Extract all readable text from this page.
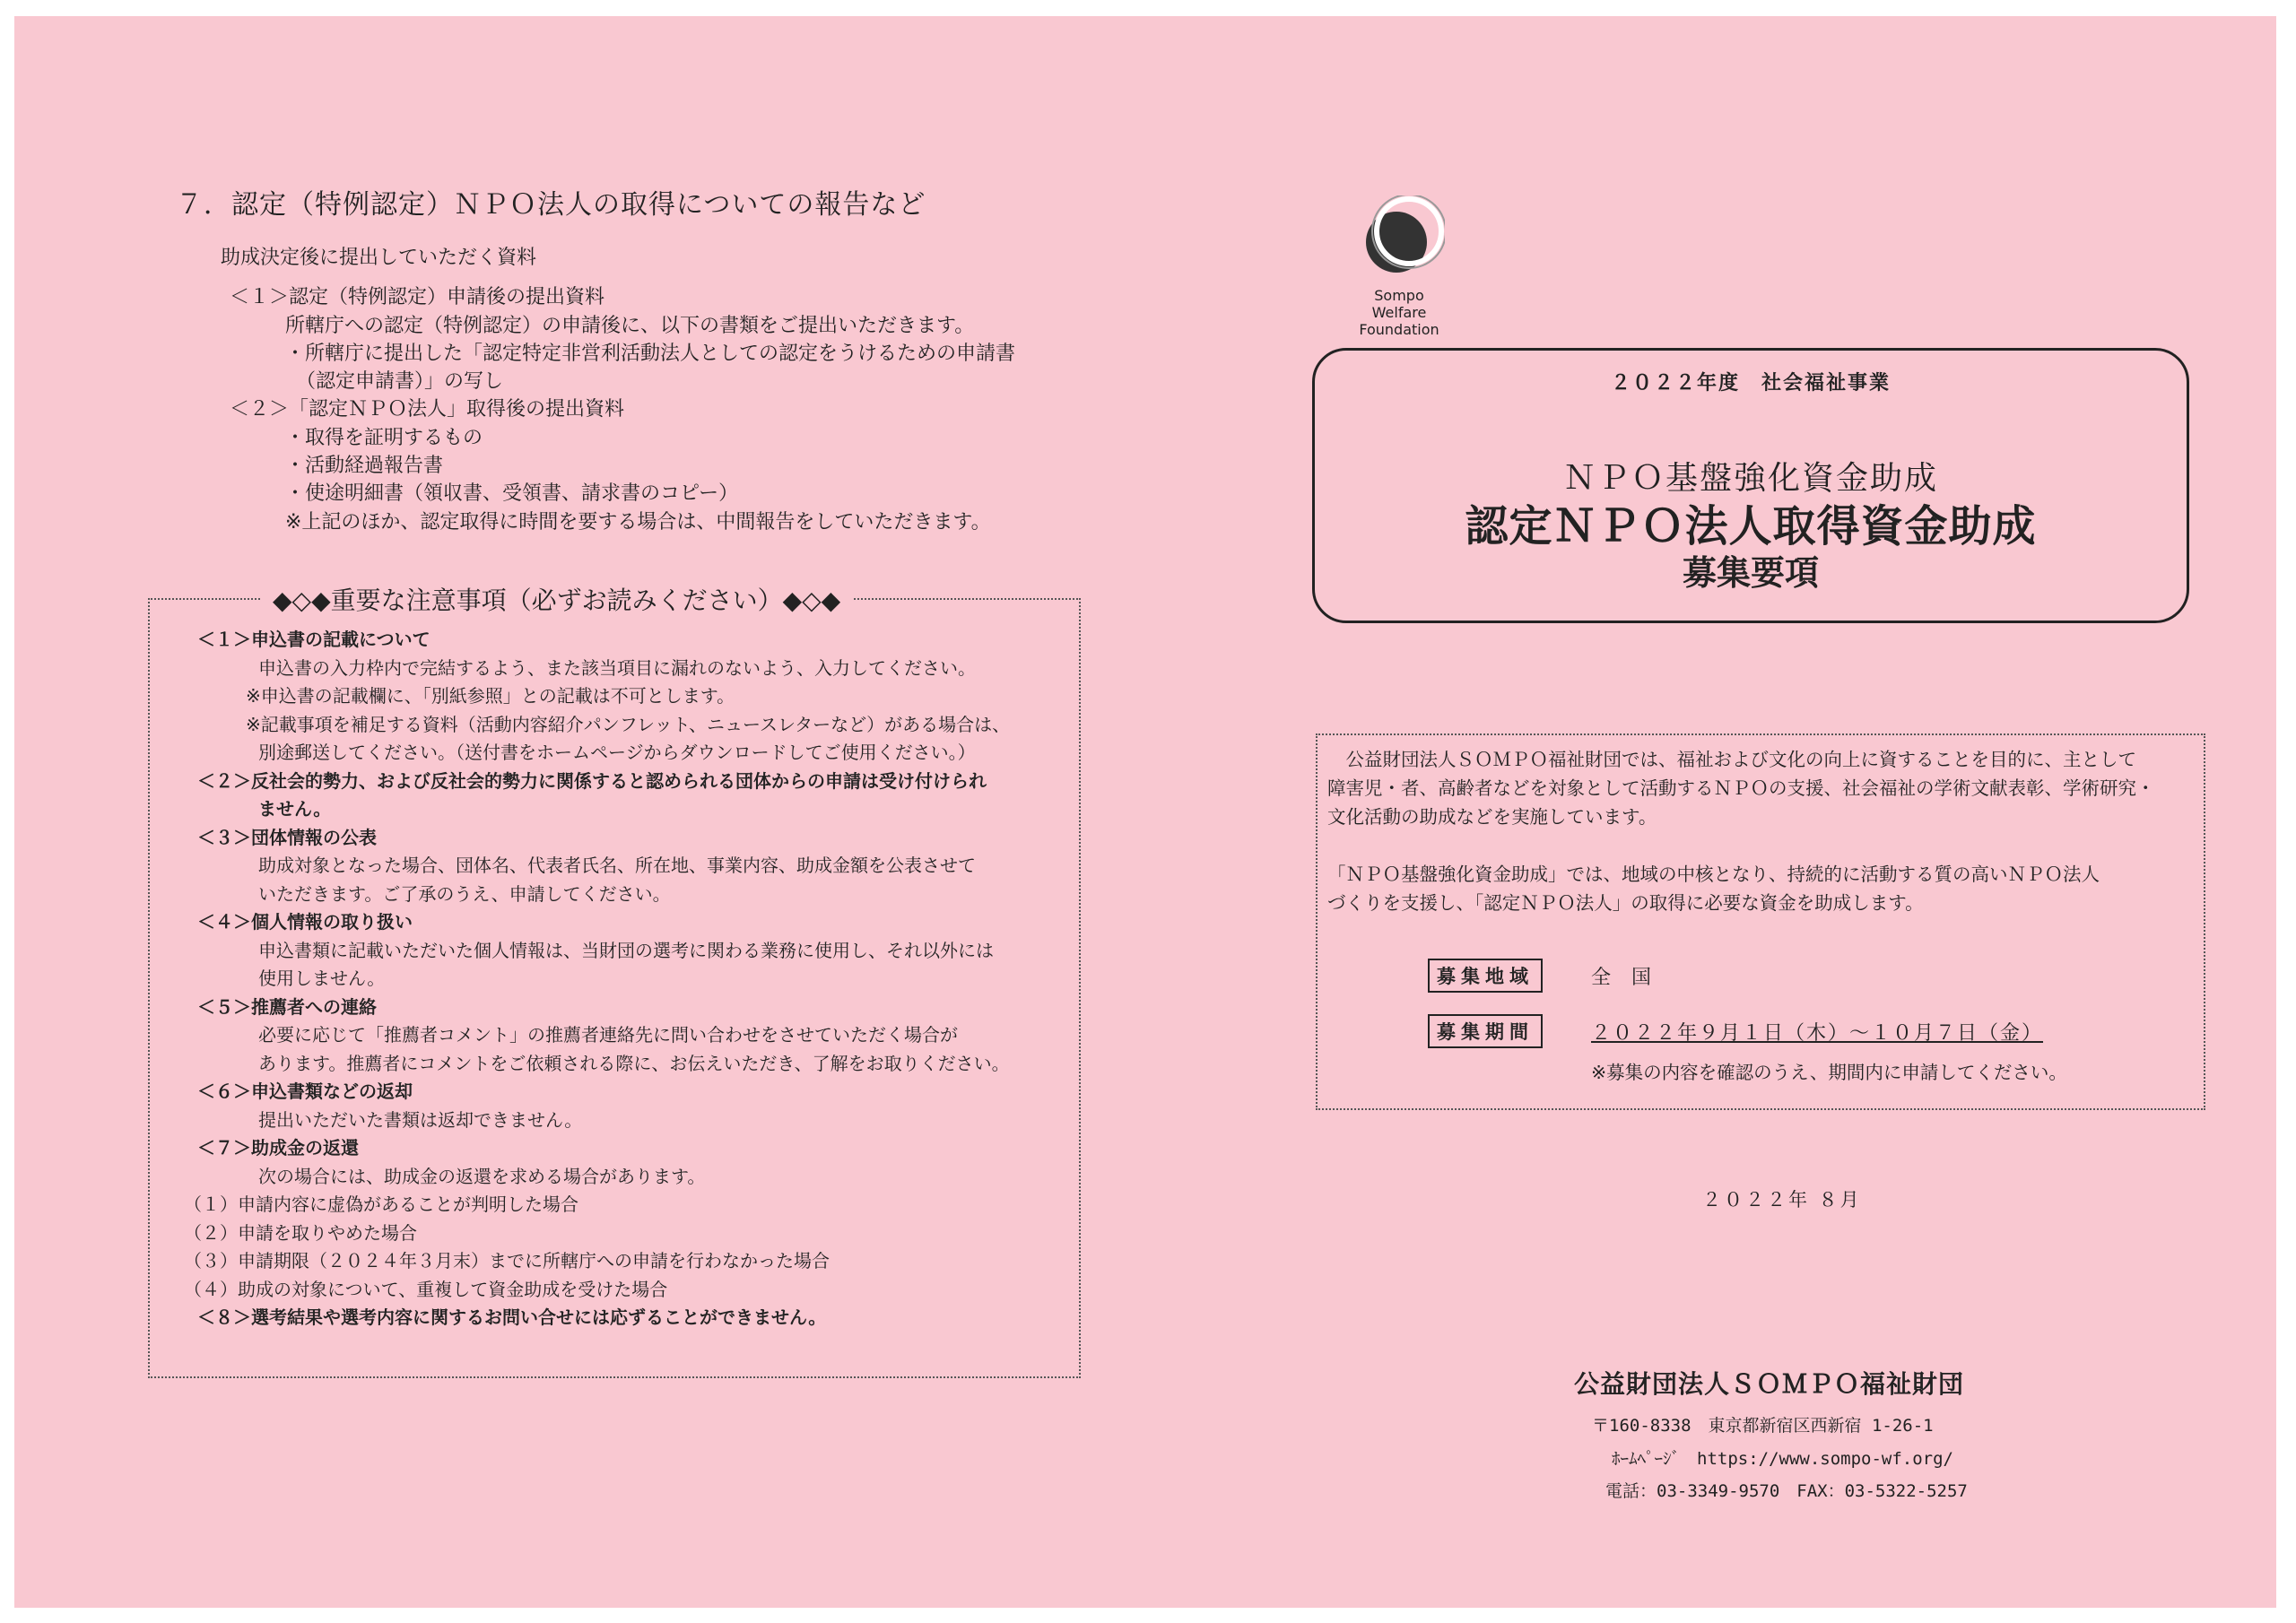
７．認定（特例認定）ＮＰＯ法人の取得についての報告など
助成決定後に提出していただく資料
＜１＞認定（特例認定）申請後の提出資料
所轄庁への認定（特例認定）の申請後に、以下の書類をご提出いただきます。
・所轄庁に提出した「認定特定非営利活動法人としての認定をうけるための申請書
（認定申請書）」の写し
＜２＞「認定ＮＰＯ法人」取得後の提出資料
・取得を証明するもの
・活動経過報告書
・使途明細書（領収書、受領書、請求書のコピー）
※上記のほか、認定取得に時間を要する場合は、中間報告をしていただきます。
◆◇◆重要な注意事項（必ずお読みください）◆◇◆
＜１＞申込書の記載について
申込書の入力枠内で完結するよう、また該当項目に漏れのないよう、入力してください。
※申込書の記載欄に、「別紙参照」との記載は不可とします。
※記載事項を補足する資料（活動内容紹介パンフレット、ニュースレターなど）がある場合は、
別途郵送してください。（送付書をホームページからダウンロードしてご使用ください。）
＜２＞反社会的勢力、および反社会的勢力に関係すると認められる団体からの申請は受け付けられ
ません。
＜３＞団体情報の公表
助成対象となった場合、団体名、代表者氏名、所在地、事業内容、助成金額を公表させて
いただきます。ご了承のうえ、申請してください。
＜４＞個人情報の取り扱い
申込書類に記載いただいた個人情報は、当財団の選考に関わる業務に使用し、それ以外には
使用しません。
＜５＞推薦者への連絡
必要に応じて「推薦者コメント」の推薦者連絡先に問い合わせをさせていただく場合が
あります。推薦者にコメントをご依頼される際に、お伝えいただき、了解をお取りください。
＜６＞申込書類などの返却
提出いただいた書類は返却できません。
＜７＞助成金の返還
次の場合には、助成金の返還を求める場合があります。
（１）申請内容に虚偽があることが判明した場合
（２）申請を取りやめた場合
（３）申請期限（２０２４年３月末）までに所轄庁への申請を行わなかった場合
（４）助成の対象について、重複して資金助成を受けた場合
＜８＞選考結果や選考内容に関するお問い合せには応ずることができません。
Sompo Welfare
Foundation
２０２２年度　社会福祉事業
ＮＰＯ基盤強化資金助成
認定ＮＰＯ法人取得資金助成
募集要項
　公益財団法人ＳＯＭＰＯ福祉財団では、福祉および文化の向上に資することを目的に、主として
障害児・者、高齢者などを対象として活動するＮＰＯの支援、社会福祉の学術文献表彰、学術研究・
文化活動の助成などを実施しています。
「ＮＰＯ基盤強化資金助成」では、地域の中核となり、持続的に活動する質の高いＮＰＯ法人
づくりを支援し、「認定ＮＰＯ法人」の取得に必要な資金を助成します。
募集地域	全 国
募集期間	２０２２年９月１日（木）～１０月７日（金）
※募集の内容を確認のうえ、期間内に申請してください。
２０２２年 ８月
公益財団法人ＳＯＭＰＯ福祉財団
〒160-8338　東京都新宿区西新宿 1-26-1
ﾎｰﾑﾍﾟｰｼﾞ　https://www.sompo-wf.org/
電話：03-3349-9570　FAX：03-5322-5257
